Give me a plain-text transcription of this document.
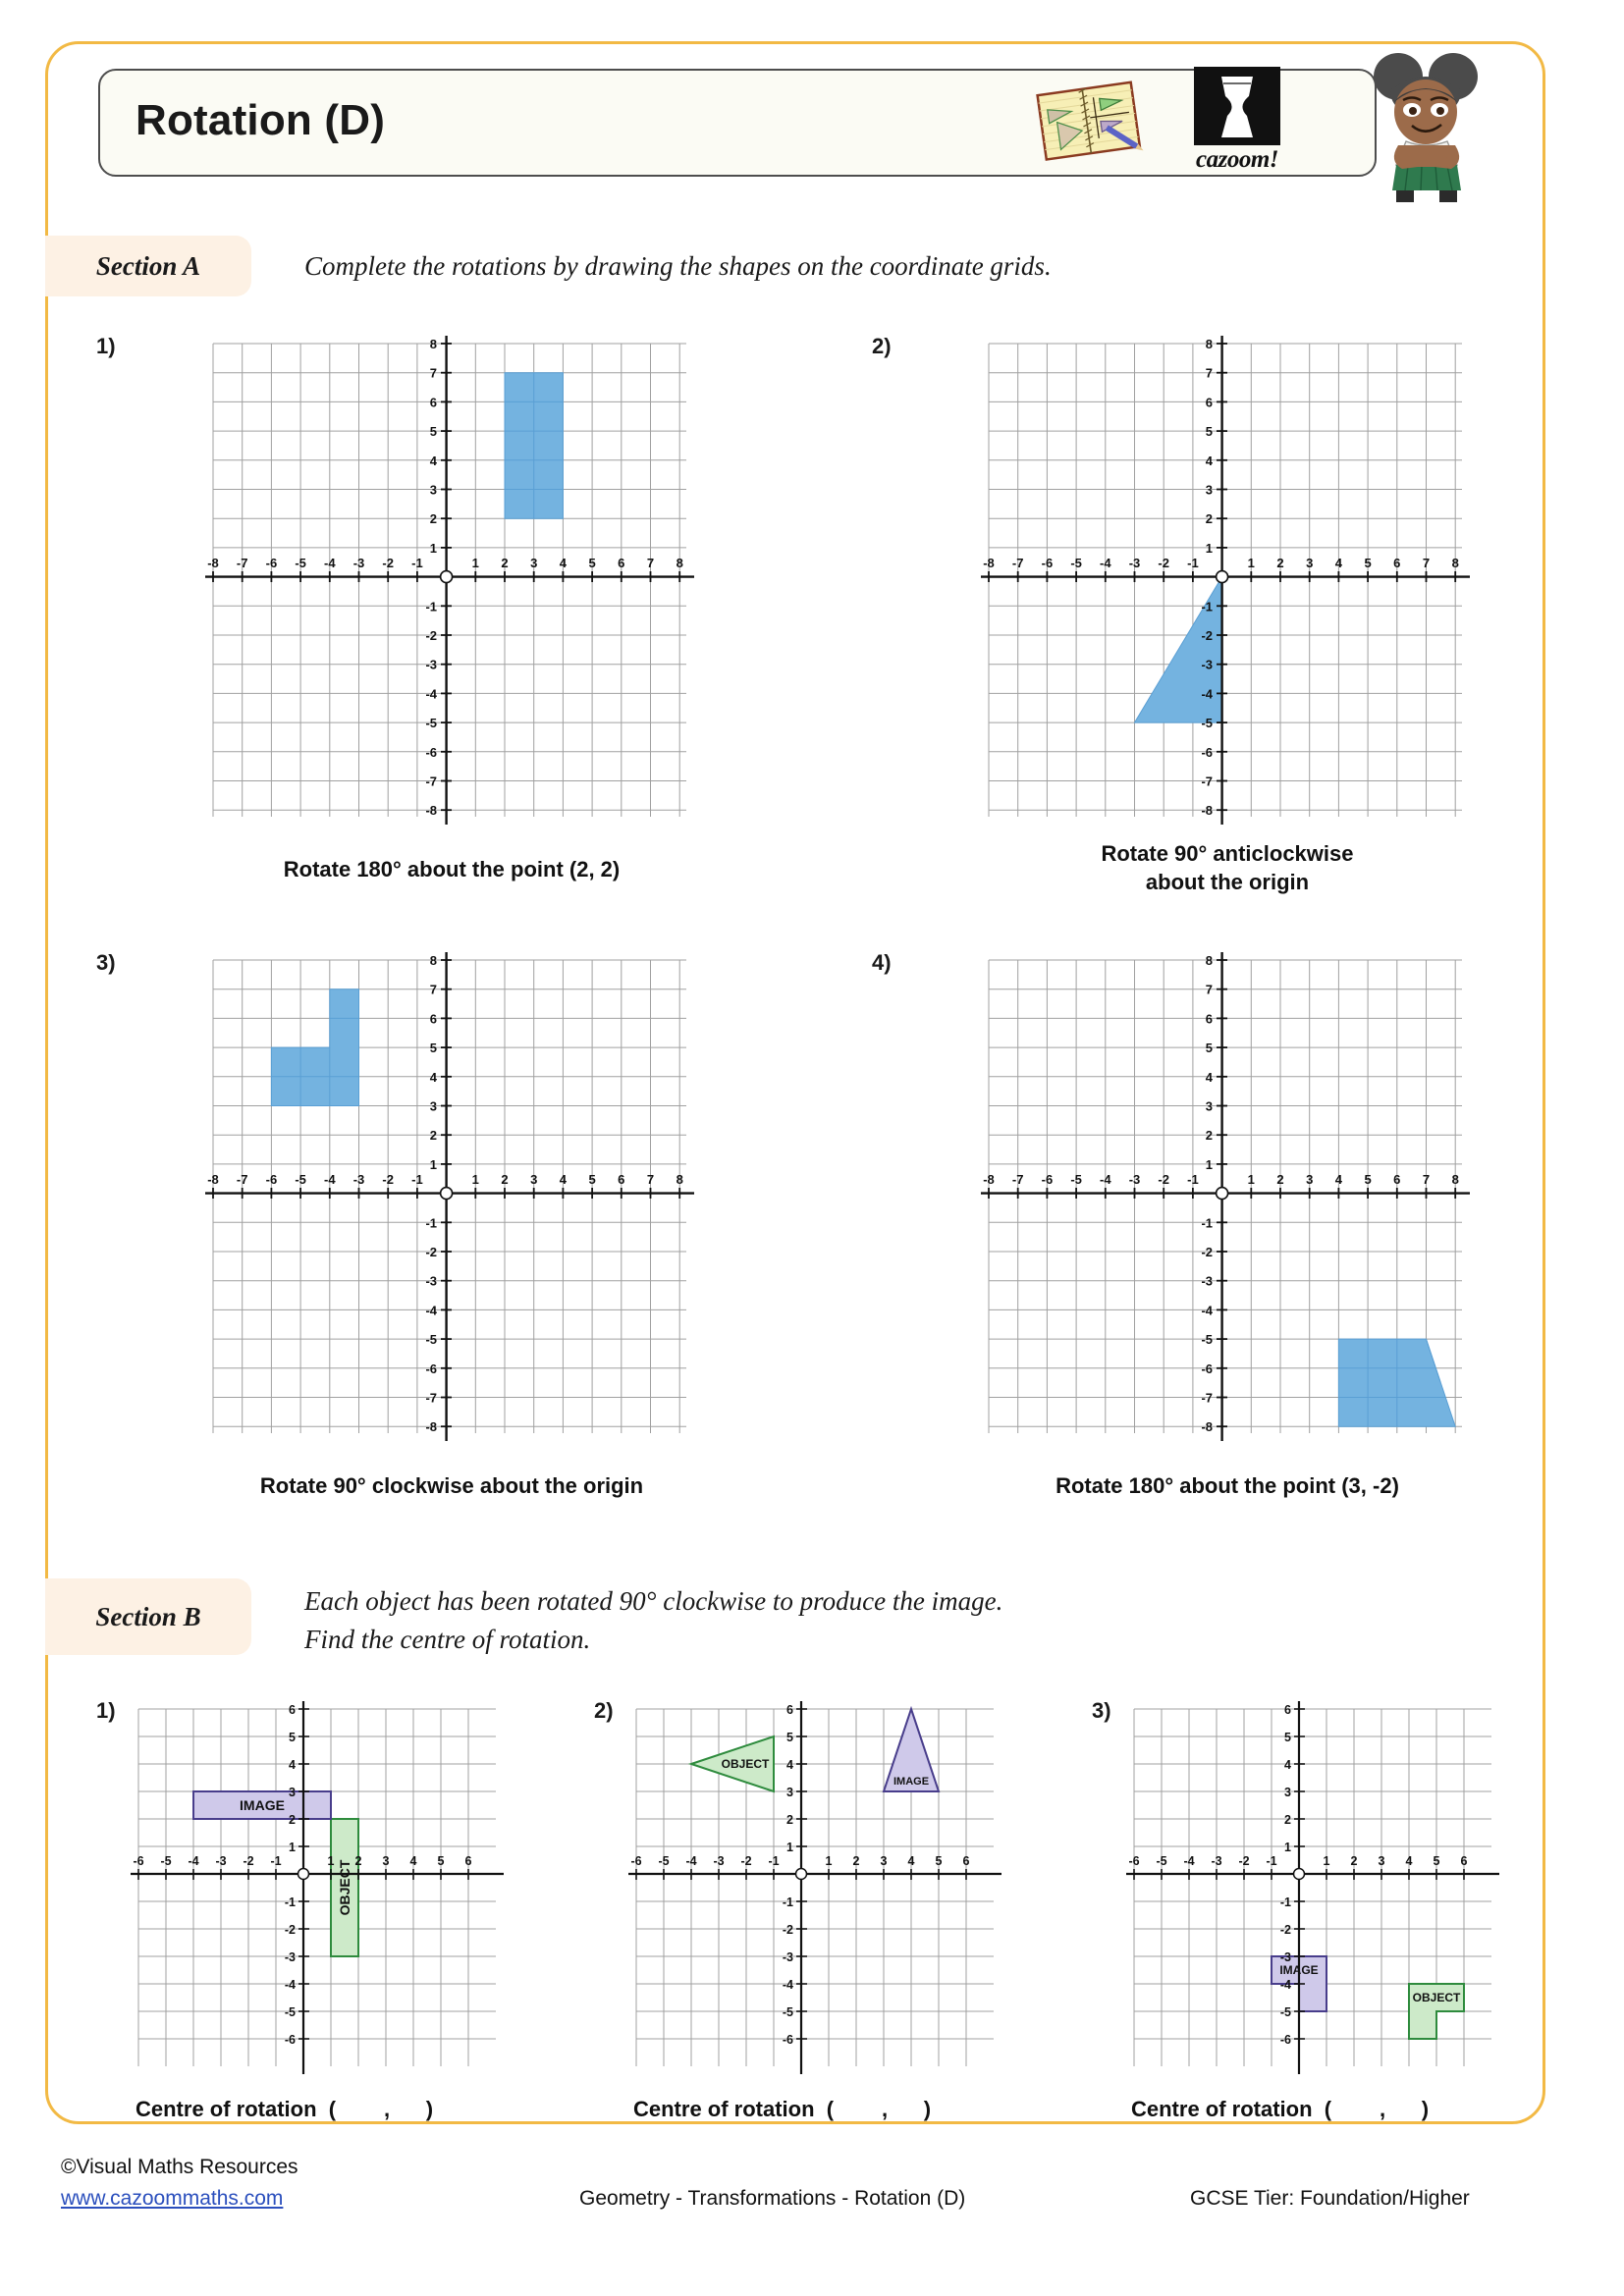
Rotation (D)
cazoom!
Section A	Complete the rotations by drawing the shapes on the coordinate grids.
1)	2)
3)	4)
-8 -7 -6 -5 -4 -3 -2 -1	1 2 3 4 5 6 7 8
8
7
6
5
4
3
2
1
-1
-2
-3
-4
-5
-6
-7
-8
-8 -7 -6 -5 -4 -3 -2 -1	1 2 3 4 5 6 7 8
8
7
6
5
4
3
2
1
-1
-2
-3
-4
-5
-6
-7
-8
Rotate 180° about the point (2, 2)
Rotate 90° anticlockwise
about the origin
-8 -7 -6 -5 -4 -3 -2 -1	1 2 3 4 5 6 7 8
8
7
6
5
4
3
2
1
-1
-2
-3
-4
-5
-6
-7
-8
-8 -7 -6 -5 -4 -3 -2 -1	1 2 3 4 5 6 7 8
8
7
6
5
4
3
2
1
-1
-2
-3
-4
-5
-6
-7
-8
Rotate 90° clockwise about the origin	Rotate 180° about the point (3, -2)
Section B
Each object has been rotated 90° clockwise to produce the image.
Find the centre of rotation.
1)	2)	3)
-6 -5 -4 -3 -2 -1	1 2 3 4 5 6
6
5
4
3
2
1
-1
-2
-3
-4
-5
-6
IMAGE
OBJECT	-6 -5 -4 -3 -2 -1	1 2 3 4 5 6
6
5
4
3
2
1
-1
-2
-3
-4
-5
-6
OBJECT
IMAGE
-6 -5 -4 -3 -2 -1	1 2 3 4 5 6
6
5
4
3
2
1
-1
-2
-3
-4
-5
-6
IMAGE
OBJECT
Centre of rotation  (        ,      )	Centre of rotation  (        ,      )	Centre of rotation  (        ,      )
©Visual Maths Resources
www.cazoommaths.com	Geometry - Transformations - Rotation (D)	GCSE Tier: Foundation/Higher
